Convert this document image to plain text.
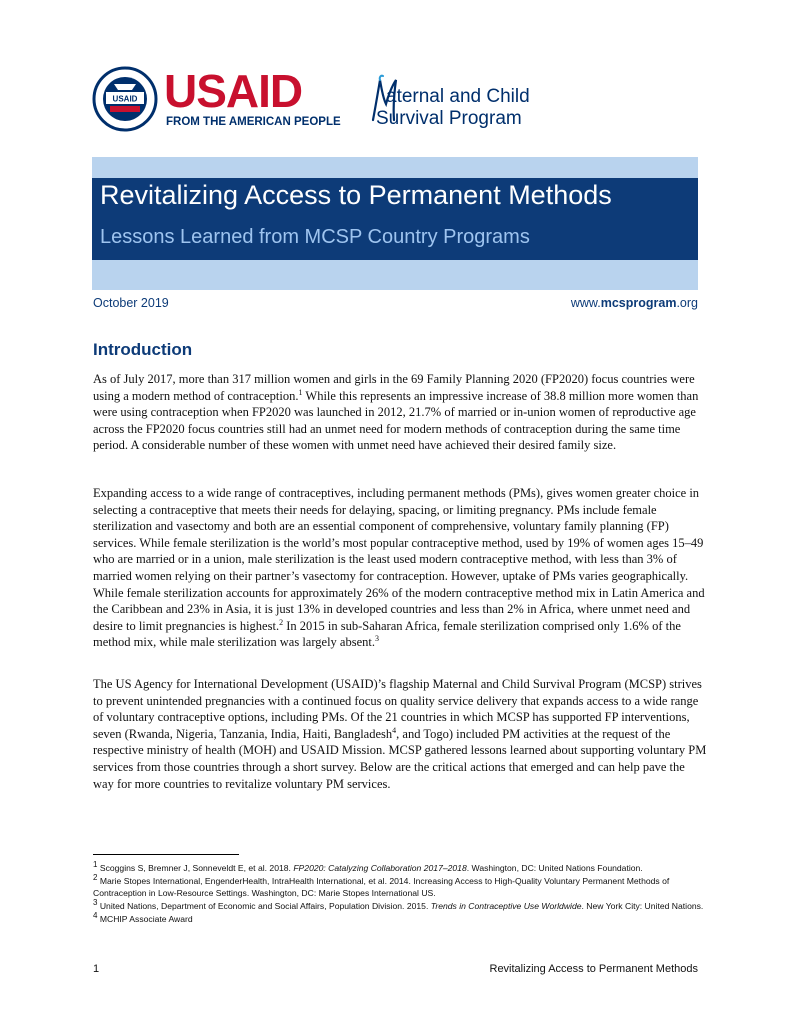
USAID USAID
FROM THE AMERICAN PEOPLE
aternal and Child
Survival Program
Revitalizing Access to Permanent Methods
Lessons Learned from MCSP Country Programs
October 2019	www.mcsprogram.org
Introduction

As of July 2017, more than 317 million women and girls in the 69 Family Planning 2020 (FP2020) focus countries were using a modern method of contraception.$^1$ While this represents an impressive increase of 38.8 million more women than were using contraception when FP2020 was launched in 2012, 21.7% of married or in-union women of reproductive age across the FP2020 focus countries still had an unmet need for modern methods of contraception during the same time period. A considerable number of these women with unmet need have achieved their desired family size.

Expanding access to a wide range of contraceptives, including permanent methods (PMs), gives women greater choice in selecting a contraceptive that meets their needs for delaying, spacing, or limiting pregnancy. PMs include female sterilization and vasectomy and both are an essential component of comprehensive, voluntary family planning (FP) services. While female sterilization is the world’s most popular contraceptive method, used by 19% of women ages 15–49 who are married or in a union, male sterilization is the least used modern contraceptive method, with less than 3% of married women relying on their partner’s vasectomy for contraception. However, uptake of PMs varies geographically. While female sterilization accounts for approximately 26% of the modern contraceptive method mix in Latin America and the Caribbean and 23% in Asia, it is just 13% in developed countries and less than 2% in Africa, where unmet need and desire to limit pregnancies is highest.$^2$ In 2015 in sub-Saharan Africa, female sterilization comprised only 1.6% of the method mix, while male sterilization was largely absent.$^3$

The US Agency for International Development (USAID)’s flagship Maternal and Child Survival Program (MCSP) strives to prevent unintended pregnancies with a continued focus on quality service delivery that expands access to a wide range of voluntary contraceptive options, including PMs. Of the 21 countries in which MCSP has supported FP interventions, seven (Rwanda, Nigeria, Tanzania, India, Haiti, Bangladesh$^4$, and Togo) included PM activities at the request of the respective ministry of health (MOH) and USAID Mission. MCSP gathered lessons learned about supporting voluntary PM services from those countries through a short survey. Below are the critical actions that emerged and can help pave the way for more countries to revitalize voluntary PM services.

$^1$ Scoggins S, Bremner J, Sonneveldt E, et al. 2018. FP2020: Catalyzing Collaboration 2017–2018. Washington, DC: United Nations Foundation.

$^2$ Marie Stopes International, EngenderHealth, IntraHealth International, et al. 2014. Increasing Access to High-Quality Voluntary Permanent Methods of Contraception in Low-Resource Settings. Washington, DC: Marie Stopes International US.

$^3$ United Nations, Department of Economic and Social Affairs, Population Division. 2015. Trends in Contraceptive Use Worldwide. New York City: United Nations.

$^4$ MCHIP Associate Award

1	Revitalizing Access to Permanent Methods
